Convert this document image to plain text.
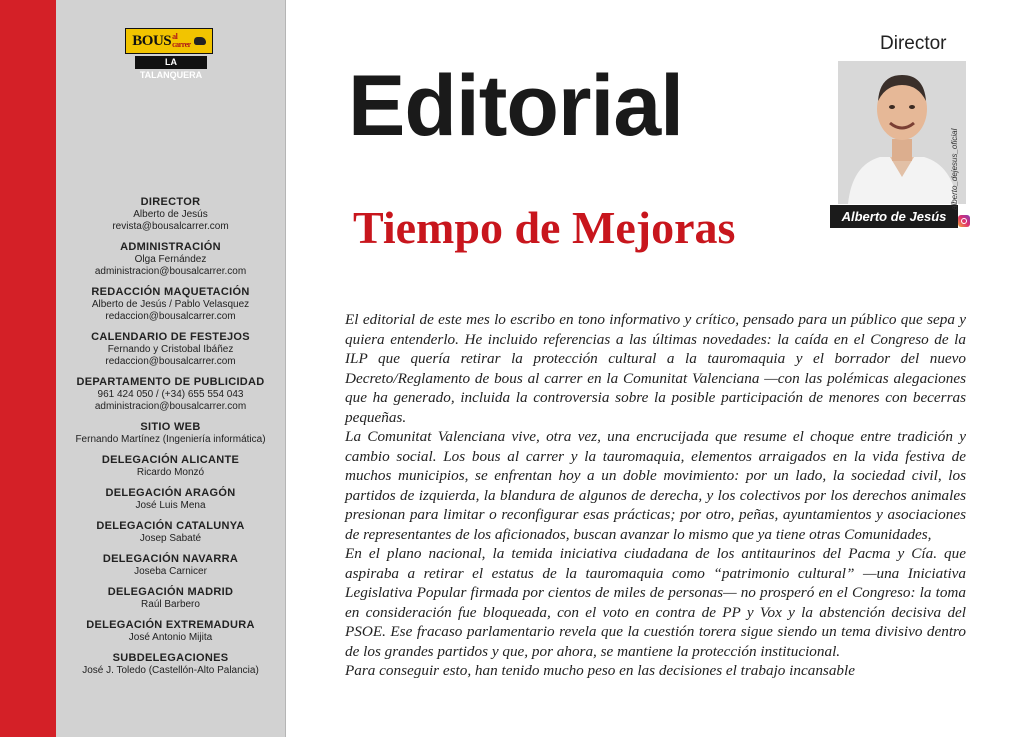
BOUS al
carrer
LA TALANQUERA
DIRECTOR
Alberto de Jesús
revista@bousalcarrer.com
ADMINISTRACIÓN
Olga Fernández
administracion@bousalcarrer.com
REDACCIÓN MAQUETACIÓN
Alberto de Jesús / Pablo Velasquez
redaccion@bousalcarrer.com
CALENDARIO DE FESTEJOS
Fernando y Cristobal Ibáñez
redaccion@bousalcarrer.com
DEPARTAMENTO DE PUBLICIDAD
961 424 050 / (+34) 655 554 043
administracion@bousalcarrer.com
SITIO WEB
Fernando Martínez (Ingeniería informática)
DELEGACIÓN ALICANTE
Ricardo Monzó
DELEGACIÓN ARAGÓN
José Luis Mena
DELEGACIÓN CATALUNYA
Josep Sabaté
DELEGACIÓN NAVARRA
Joseba Carnicer
DELEGACIÓN MADRID
Raúl Barbero
DELEGACIÓN EXTREMADURA
José Antonio Mijita
SUBDELEGACIONES
José J. Toledo (Castellón-Alto Palancia)
Director
Alberto de Jesús
alberto_dejesus_oficial
Editorial
Tiempo de Mejoras

El editorial de este mes lo escribo en tono informativo y crítico, pensado para un público que sepa y quiera entenderlo. He incluido referencias a las últimas novedades: la caída en el Congreso de la ILP que quería retirar la protección cultural a la tauromaquia y el borrador del nuevo Decreto/Reglamento de bous al carrer en la Comunitat Valenciana —con las polémicas alegaciones que ha generado, incluida la controversia sobre la posible participación de menores con becerras pequeñas.

La Comunitat Valenciana vive, otra vez, una encrucijada que resume el choque entre tradición y cambio social. Los bous al carrer y la tauromaquia, elementos arraigados en la vida festiva de muchos municipios, se enfrentan hoy a un doble movimiento: por un lado, la sociedad civil, los partidos de izquierda, la blandura de algunos de derecha, y los colectivos por los derechos animales presionan para limitar o reconfigurar esas prácticas; por otro, peñas, ayuntamientos y asociaciones de representantes de los aficionados, buscan avanzar lo mismo que ya tiene otras Comunidades,

En el plano nacional, la temida iniciativa ciudadana de los antitaurinos del Pacma y Cía. que aspiraba a retirar el estatus de la tauromaquia como “patrimonio cultural” —una Iniciativa Legislativa Popular firmada por cientos de miles de personas— no prosperó en el Congreso: la toma en consideración fue bloqueada, con el voto en contra de PP y Vox y la abstención decisiva del PSOE. Ese fracaso parlamentario revela que la cuestión torera sigue siendo un tema divisivo dentro de los grandes partidos y que, por ahora, se mantiene la protección institucional.

Para conseguir esto, han tenido mucho peso en las decisiones el trabajo incansable
